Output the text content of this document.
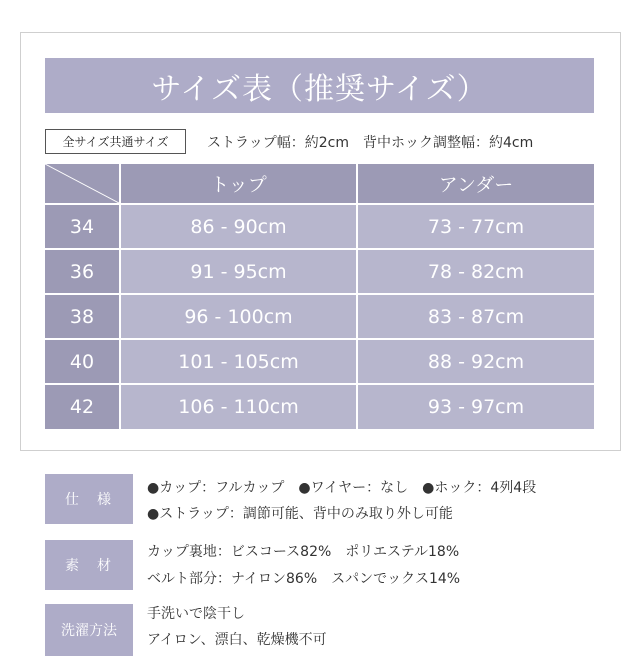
サイズ表（推奨サイズ）
全サイズ共通サイズ	ストラップ幅：約2cm　背中ホック調整幅：約4cm
	トップ	アンダー
34	86 - 90cm	73 - 77cm
36	91 - 95cm	78 - 82cm
38	96 - 100cm	83 - 87cm
40	101 - 105cm	88 - 92cm
42	106 - 110cm	93 - 97cm
仕　様
●カップ：フルカップ　●ワイヤー：なし　●ホック：4列4段
●ストラップ：調節可能、背中のみ取り外し可能
素　材
カップ裏地：ビスコース82%　ポリエステル18%
ベルト部分：ナイロン86%　スパンでックス14%
洗濯方法
手洗いで陰干し
アイロン、漂白、乾燥機不可
